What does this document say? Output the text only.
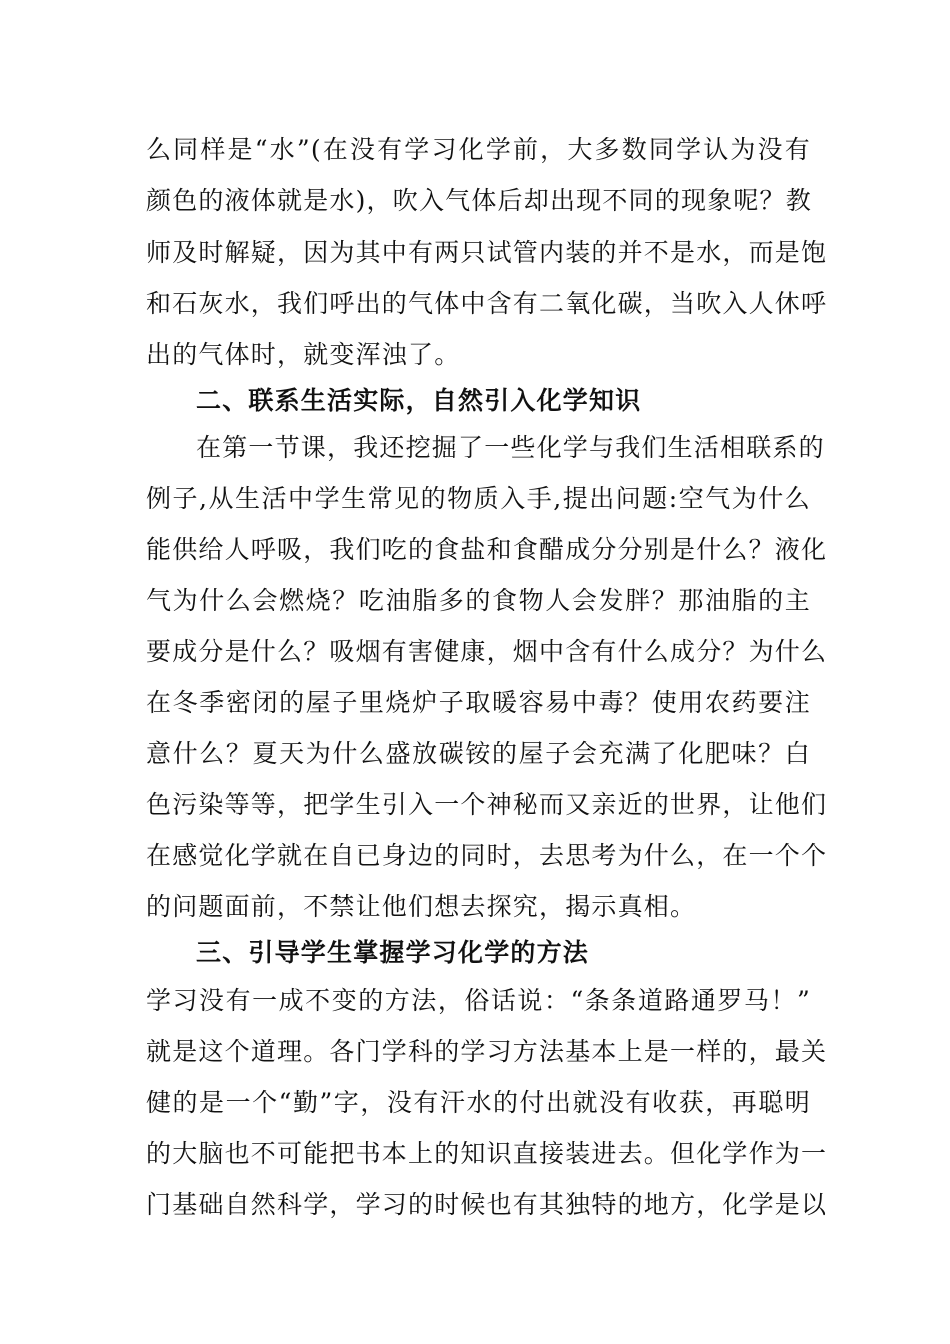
么同样是“水”(在没有学习化学前，大多数同学认为没有
颜色的液体就是水)，吹入气体后却出现不同的现象呢？教
师及时解疑，因为其中有两只试管内装的并不是水，而是饱
和石灰水，我们呼出的气体中含有二氧化碳，当吹入人休呼
出的气体时，就变浑浊了。
二、联系生活实际，自然引入化学知识
在第一节课，我还挖掘了一些化学与我们生活相联系的
例子,从生活中学生常见的物质入手,提出问题:空气为什么
能供给人呼吸，我们吃的食盐和食醋成分分别是什么？液化
气为什么会燃烧？吃油脂多的食物人会发胖？那油脂的主
要成分是什么？吸烟有害健康，烟中含有什么成分？为什么
在冬季密闭的屋子里烧炉子取暖容易中毒？使用农药要注
意什么？夏天为什么盛放碳铵的屋子会充满了化肥味？白
色污染等等，把学生引入一个神秘而又亲近的世界，让他们
在感觉化学就在自已身边的同时，去思考为什么，在一个个
的问题面前，不禁让他们想去探究，揭示真相。
三、引导学生掌握学习化学的方法
学习没有一成不变的方法，俗话说：“条条道路通罗马！”
就是这个道理。各门学科的学习方法基本上是一样的，最关
健的是一个“勤”字，没有汗水的付出就没有收获，再聪明
的大脑也不可能把书本上的知识直接装进去。但化学作为一
门基础自然科学，学习的时候也有其独特的地方，化学是以
